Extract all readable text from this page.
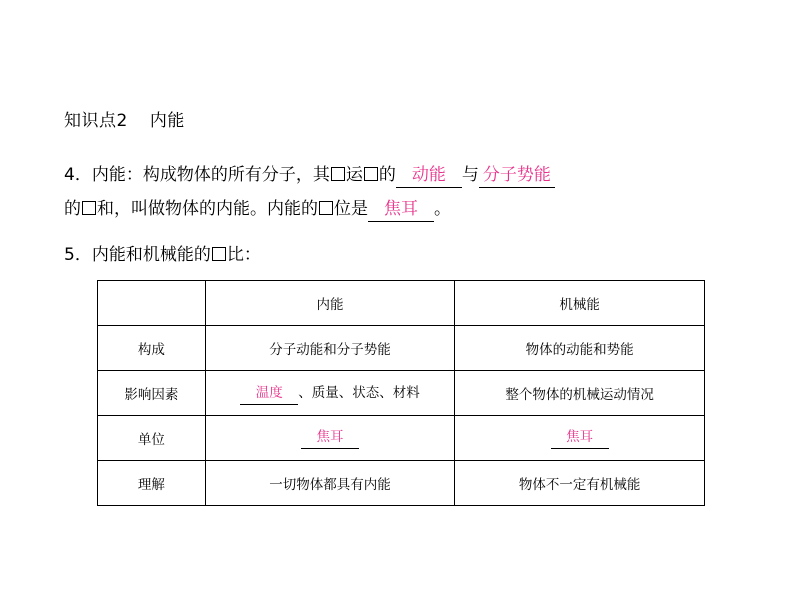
知识点2 内能
4．内能：构成物体的所有分子，其 运 的 动能 与 分子势能
的 和，叫做物体的内能。内能的 位是 焦耳 。
5．内能和机械能的 比：
	内能	机械能
构成	分子动能和分子势能	物体的动能和势能
影响因素	温度 、质量、状态、材料	整个物体的机械运动情况
单位	焦耳	焦耳
理解	一切物体都具有内能	物体不一定有机械能
